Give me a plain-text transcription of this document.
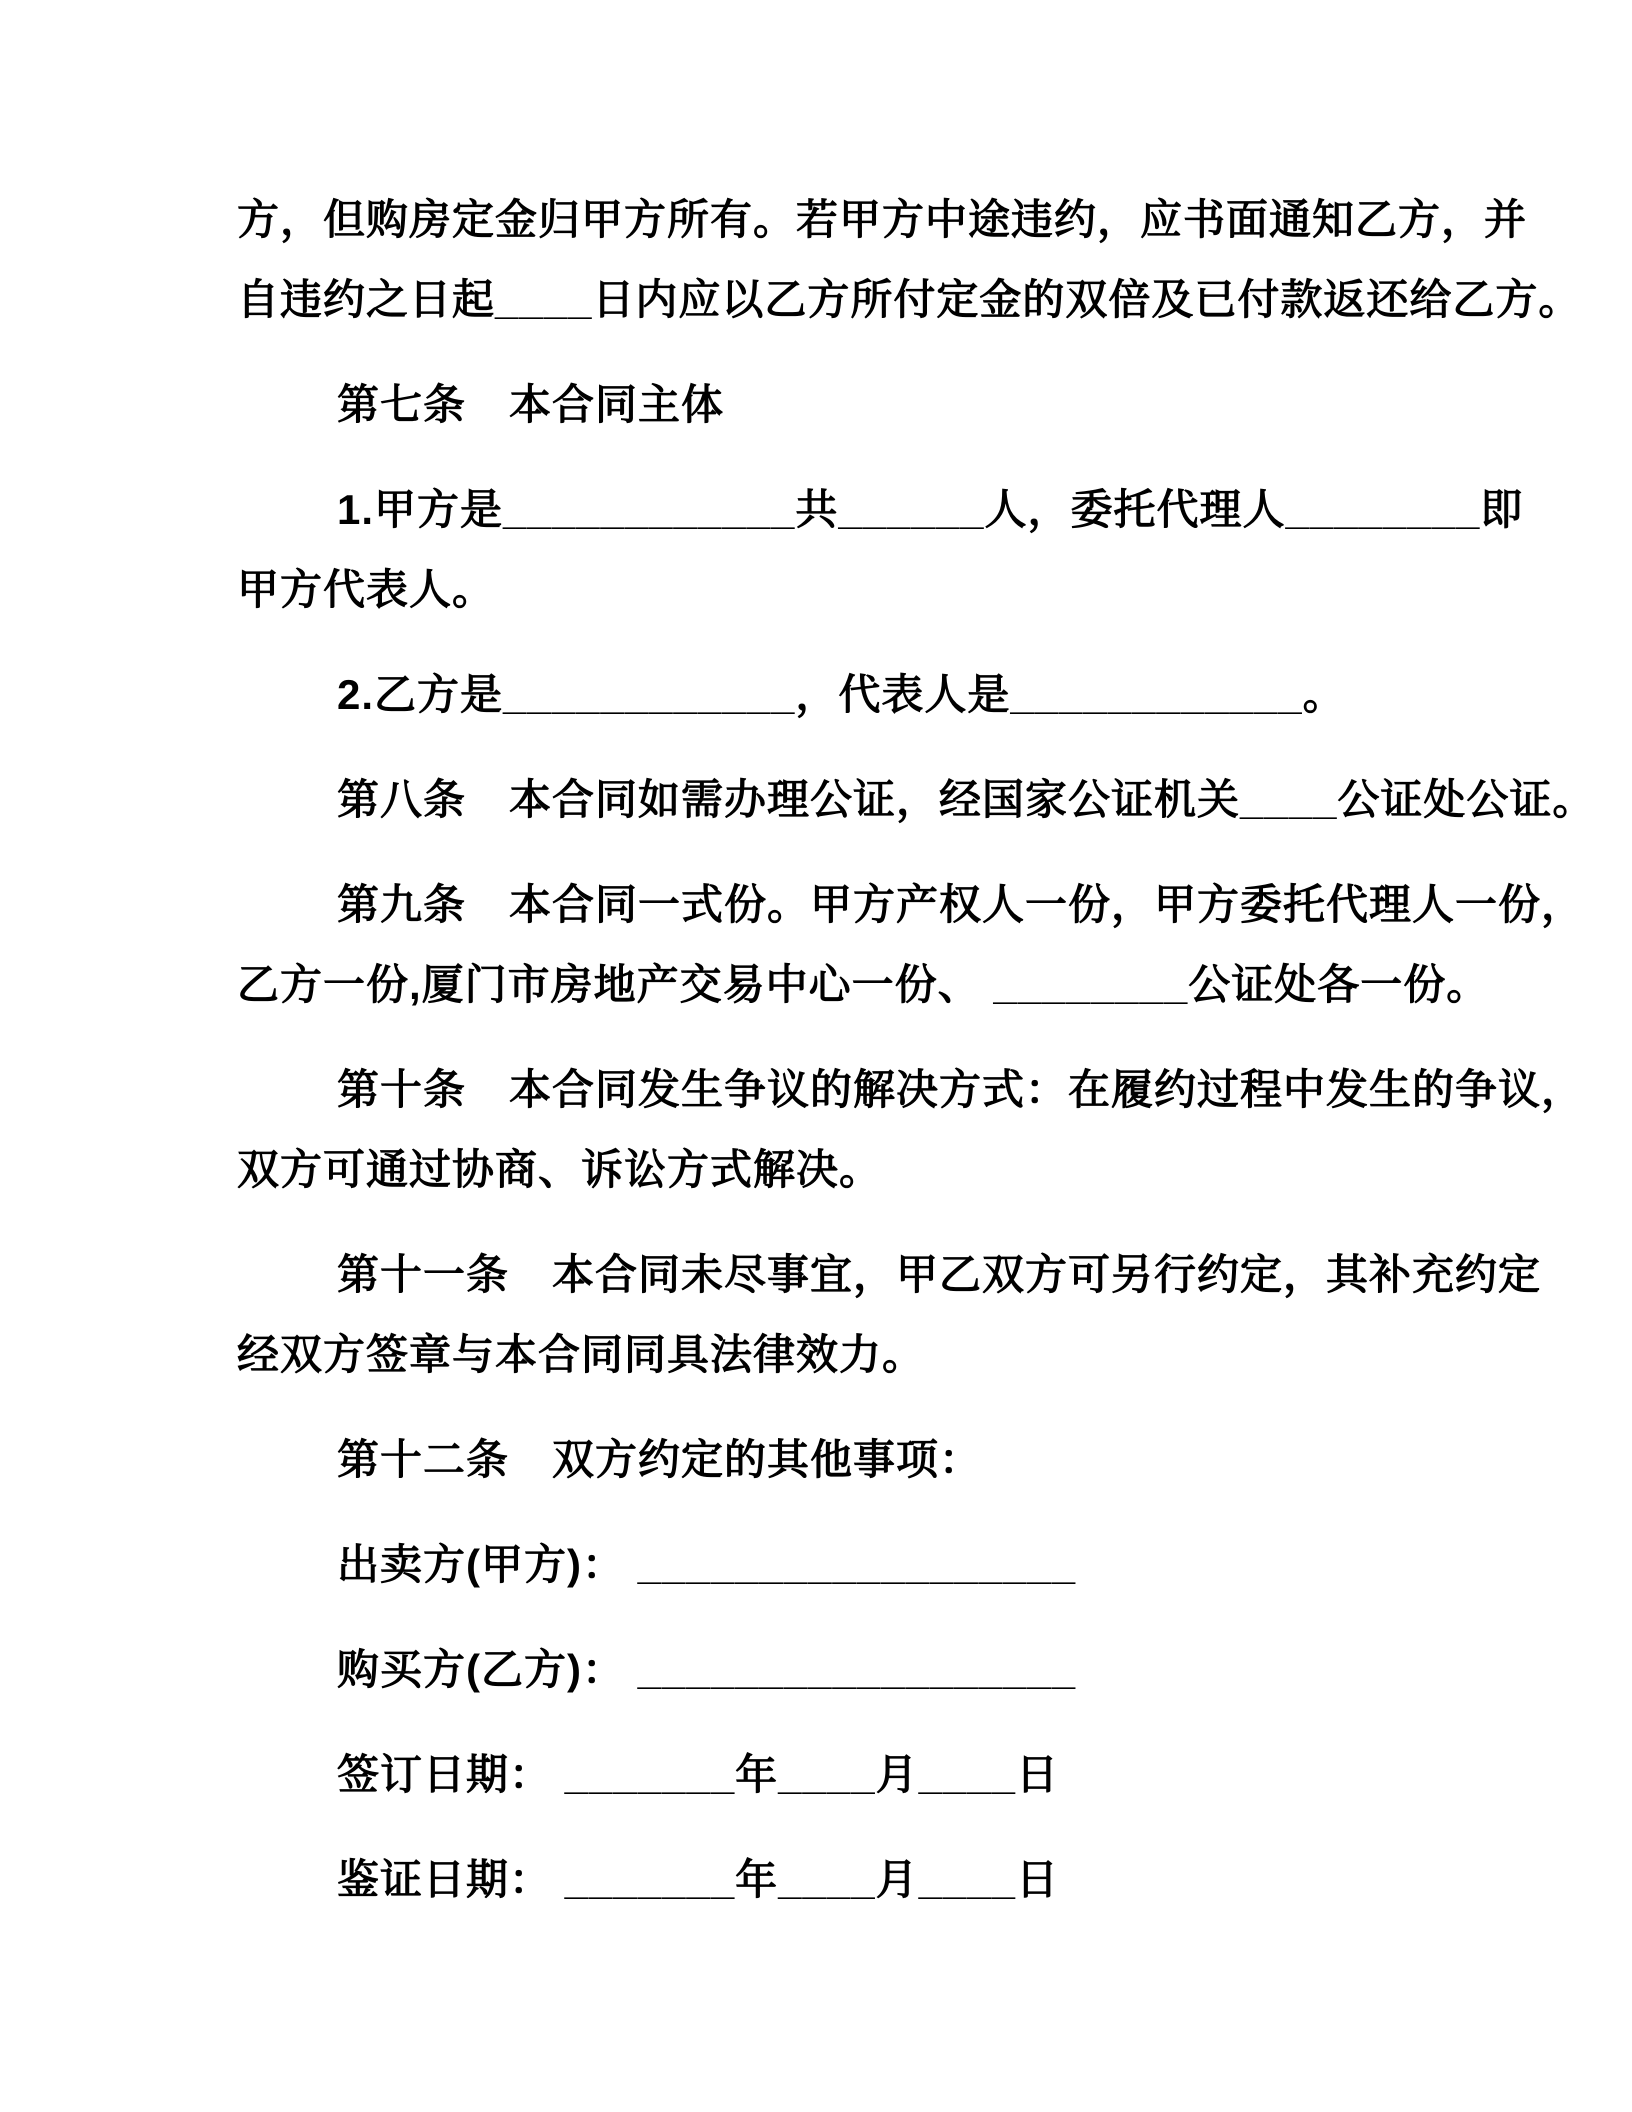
方，但购房定金归甲方所有。若甲方中途违约，应书面通知乙方，并
自违约之日起____日内应以乙方所付定金的双倍及已付款返还给乙方。
第七条　本合同主体
1.甲方是____________共______人，委托代理人________即
甲方代表人。
2.乙方是____________，代表人是____________。
第八条　本合同如需办理公证，经国家公证机关____公证处公证。
第九条　本合同一式份。甲方产权人一份，甲方委托代理人一份，
乙方一份,厦门市房地产交易中心一份、 ________公证处各一份。
第十条　本合同发生争议的解决方式：在履约过程中发生的争议，
双方可通过协商、诉讼方式解决。
第十一条　本合同未尽事宜，甲乙双方可另行约定，其补充约定
经双方签章与本合同同具法律效力。
第十二条　双方约定的其他事项：
出卖方(甲方)： __________________
购买方(乙方)： __________________
签订日期： _______年____月____日
鉴证日期： _______年____月____日
